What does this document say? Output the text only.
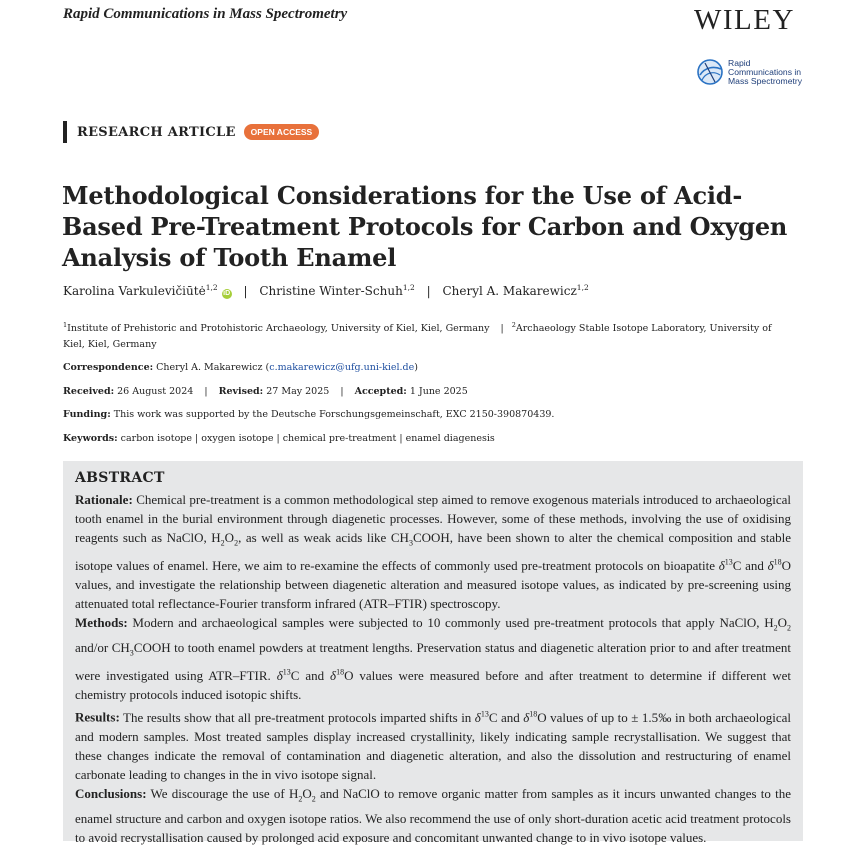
Rapid Communications in Mass Spectrometry	WILEY
Rapid
Communications in
Mass Spectrometry
RESEARCH ARTICLE	OPEN ACCESS
Methodological Considerations for the Use of Acid-Based Pre-Treatment Protocols for Carbon and Oxygen Analysis of Tooth Enamel
Karolina Varkulevičiūtė$^{1,2}$iD | Christine Winter-Schuh$^{1,2}$ | Cheryl A. Makarewicz$^{1,2}$
$^1$Institute of Prehistoric and Protohistoric Archaeology, University of Kiel, Kiel, Germany | $^2$Archaeology Stable Isotope Laboratory, University of Kiel, Kiel, Germany
Correspondence: Cheryl A. Makarewicz (c.makarewicz@ufg.uni-kiel.de)
Received: 26 August 2024 | Revised: 27 May 2025 | Accepted: 1 June 2025
Funding: This work was supported by the Deutsche Forschungsgemeinschaft, EXC 2150-390870439.
Keywords: carbon isotope | oxygen isotope | chemical pre-treatment | enamel diagenesis
ABSTRACT
Rationale: Chemical pre-treatment is a common methodological step aimed to remove exogenous materials introduced to archaeological tooth enamel in the burial environment through diagenetic processes. However, some of these methods, involving the use of oxidising reagents such as NaClO, $H_2O_2$, as well as weak acids like $CH_3COOH$, have been shown to alter the chemical composition and stable isotope values of enamel. Here, we aim to re-examine the effects of commonly used pre-treatment protocols on bioapatite $\delta^{13}C$ and $\delta^{18}O$ values, and investigate the relationship between diagenetic alteration and measured isotope values, as indicated by pre-screening using attenuated total reflectance-Fourier transform infrared (ATR–FTIR) spectroscopy.
Methods: Modern and archaeological samples were subjected to 10 commonly used pre-treatment protocols that apply NaClO, $H_2O_2$ and/or $CH_3COOH$ to tooth enamel powders at treatment lengths. Preservation status and diagenetic alteration prior to and after treatment were investigated using ATR–FTIR. $\delta^{13}C$ and $\delta^{18}O$ values were measured before and after treatment to determine if different wet chemistry protocols induced isotopic shifts.
Results: The results show that all pre-treatment protocols imparted shifts in $\delta^{13}C$ and $\delta^{18}O$ values of up to ± 1.5‰ in both archaeological and modern samples. Most treated samples display increased crystallinity, likely indicating sample recrystallisation. We suggest that these changes indicate the removal of contamination and diagenetic alteration, and also the dissolution and restructuring of enamel carbonate leading to changes in the in vivo isotope signal.
Conclusions: We discourage the use of $H_2O_2$ and NaClO to remove organic matter from samples as it incurs unwanted changes to the enamel structure and carbon and oxygen isotope ratios. We also recommend the use of only short-duration acetic acid treatment protocols to avoid recrystallisation caused by prolonged acid exposure and concomitant unwanted change to in vivo isotope values.
